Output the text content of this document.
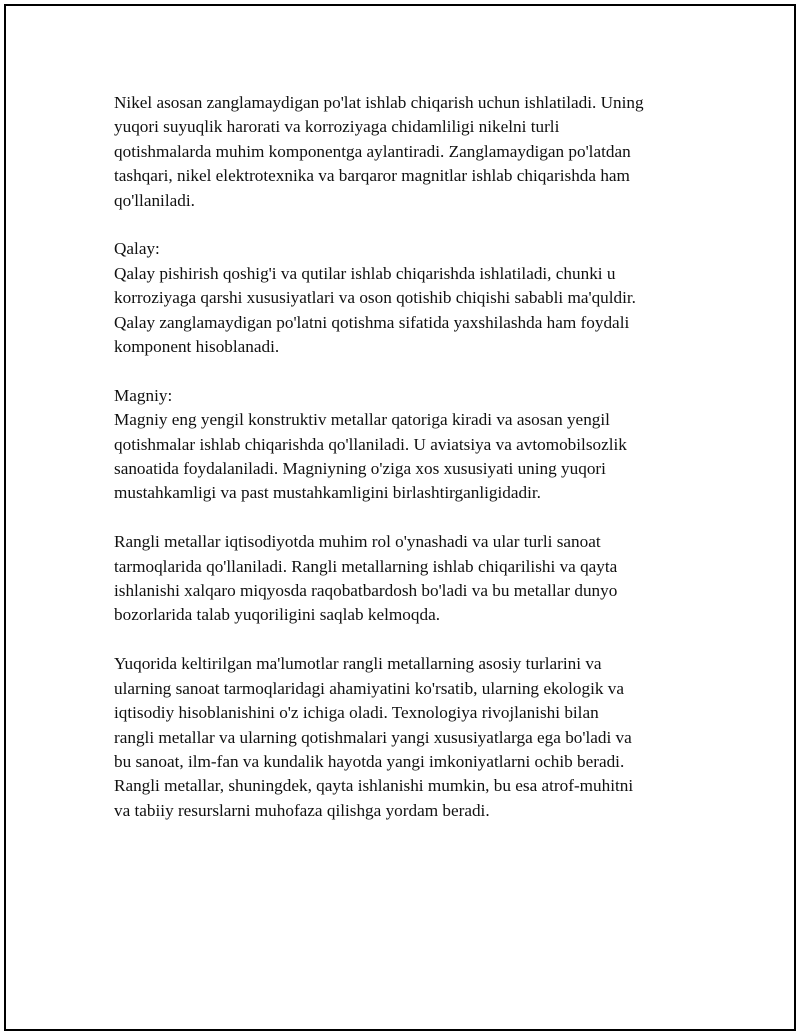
Nikel asosan zanglamaydigan po'lat ishlab chiqarish uchun ishlatiladi. Uning
yuqori suyuqlik harorati va korroziyaga chidamliligi nikelni turli
qotishmalarda muhim komponentga aylantiradi. Zanglamaydigan po'latdan
tashqari, nikel elektrotexnika va barqaror magnitlar ishlab chiqarishda ham
qo'llaniladi.

Qalay:

Qalay pishirish qoshig'i va qutilar ishlab chiqarishda ishlatiladi, chunki u
korroziyaga qarshi xususiyatlari va oson qotishib chiqishi sababli ma'quldir.
Qalay zanglamaydigan po'latni qotishma sifatida yaxshilashda ham foydali
komponent hisoblanadi.

Magniy:

Magniy eng yengil konstruktiv metallar qatoriga kiradi va asosan yengil
qotishmalar ishlab chiqarishda qo'llaniladi. U aviatsiya va avtomobilsozlik
sanoatida foydalaniladi. Magniyning o'ziga xos xususiyati uning yuqori
mustahkamligi va past mustahkamligini birlashtirganligidadir.

Rangli metallar iqtisodiyotda muhim rol o'ynashadi va ular turli sanoat
tarmoqlarida qo'llaniladi. Rangli metallarning ishlab chiqarilishi va qayta
ishlanishi xalqaro miqyosda raqobatbardosh bo'ladi va bu metallar dunyo
bozorlarida talab yuqoriligini saqlab kelmoqda.

Yuqorida keltirilgan ma'lumotlar rangli metallarning asosiy turlarini va
ularning sanoat tarmoqlaridagi ahamiyatini ko'rsatib, ularning ekologik va
iqtisodiy hisoblanishini o'z ichiga oladi. Texnologiya rivojlanishi bilan
rangli metallar va ularning qotishmalari yangi xususiyatlarga ega bo'ladi va
bu sanoat, ilm-fan va kundalik hayotda yangi imkoniyatlarni ochib beradi.
Rangli metallar, shuningdek, qayta ishlanishi mumkin, bu esa atrof-muhitni
va tabiiy resurslarni muhofaza qilishga yordam beradi.
